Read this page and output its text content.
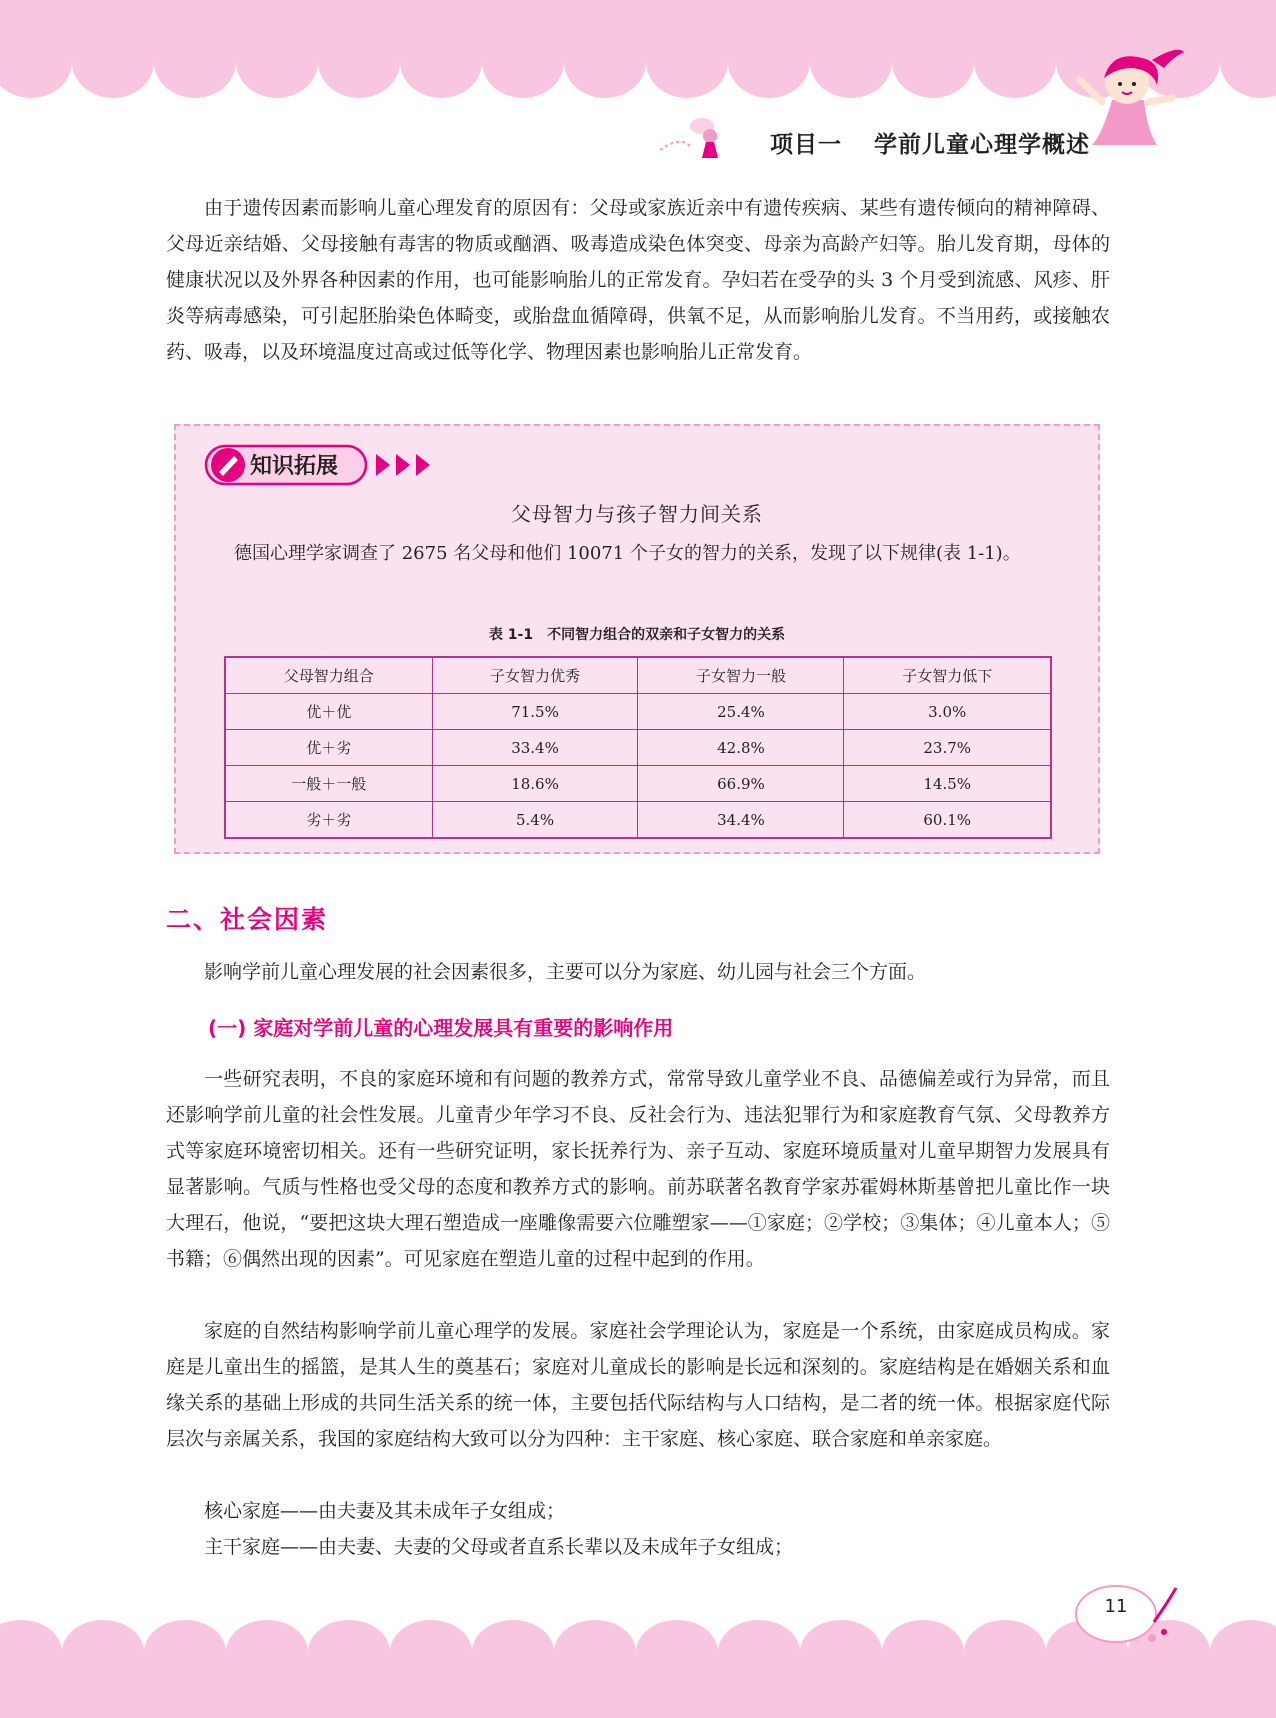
项目一 学前儿童心理学概述

由于遗传因素而影响儿童心理发育的原因有：父母或家族近亲中有遗传疾病、某些有遗传倾向的精神障碍、父母近亲结婚、父母接触有毒害的物质或酗酒、吸毒造成染色体突变、母亲为高龄产妇等。胎儿发育期，母体的健康状况以及外界各种因素的作用，也可能影响胎儿的正常发育。孕妇若在受孕的头 3 个月受到流感、风疹、肝炎等病毒感染，可引起胚胎染色体畸变，或胎盘血循障碍，供氧不足，从而影响胎儿发育。不当用药，或接触农药、吸毒，以及环境温度过高或过低等化学、物理因素也影响胎儿正常发育。

知识拓展
父母智力与孩子智力间关系

德国心理学家调查了 2675 名父母和他们 10071 个子女的智力的关系，发现了以下规律(表 1-1)。

表 1-1　不同智力组合的双亲和子女智力的关系
父母智力组合	子女智力优秀	子女智力一般	子女智力低下
优＋优	71.5%	25.4%	3.0%
优＋劣	33.4%	42.8%	23.7%
一般＋一般	18.6%	66.9%	14.5%
劣＋劣	5.4%	34.4%	60.1%
二、社会因素

影响学前儿童心理发展的社会因素很多，主要可以分为家庭、幼儿园与社会三个方面。

(一) 家庭对学前儿童的心理发展具有重要的影响作用

一些研究表明，不良的家庭环境和有问题的教养方式，常常导致儿童学业不良、品德偏差或行为异常，而且还影响学前儿童的社会性发展。儿童青少年学习不良、反社会行为、违法犯罪行为和家庭教育气氛、父母教养方式等家庭环境密切相关。还有一些研究证明，家长抚养行为、亲子互动、家庭环境质量对儿童早期智力发展具有显著影响。气质与性格也受父母的态度和教养方式的影响。前苏联著名教育学家苏霍姆林斯基曾把儿童比作一块大理石，他说，“要把这块大理石塑造成一座雕像需要六位雕塑家——①家庭；②学校；③集体；④儿童本人；⑤书籍；⑥偶然出现的因素”。可见家庭在塑造儿童的过程中起到的作用。

家庭的自然结构影响学前儿童心理学的发展。家庭社会学理论认为，家庭是一个系统，由家庭成员构成。家庭是儿童出生的摇篮，是其人生的奠基石；家庭对儿童成长的影响是长远和深刻的。家庭结构是在婚姻关系和血缘关系的基础上形成的共同生活关系的统一体，主要包括代际结构与人口结构，是二者的统一体。根据家庭代际层次与亲属关系，我国的家庭结构大致可以分为四种：主干家庭、核心家庭、联合家庭和单亲家庭。

核心家庭——由夫妻及其未成年子女组成；

主干家庭——由夫妻、夫妻的父母或者直系长辈以及未成年子女组成；

11
